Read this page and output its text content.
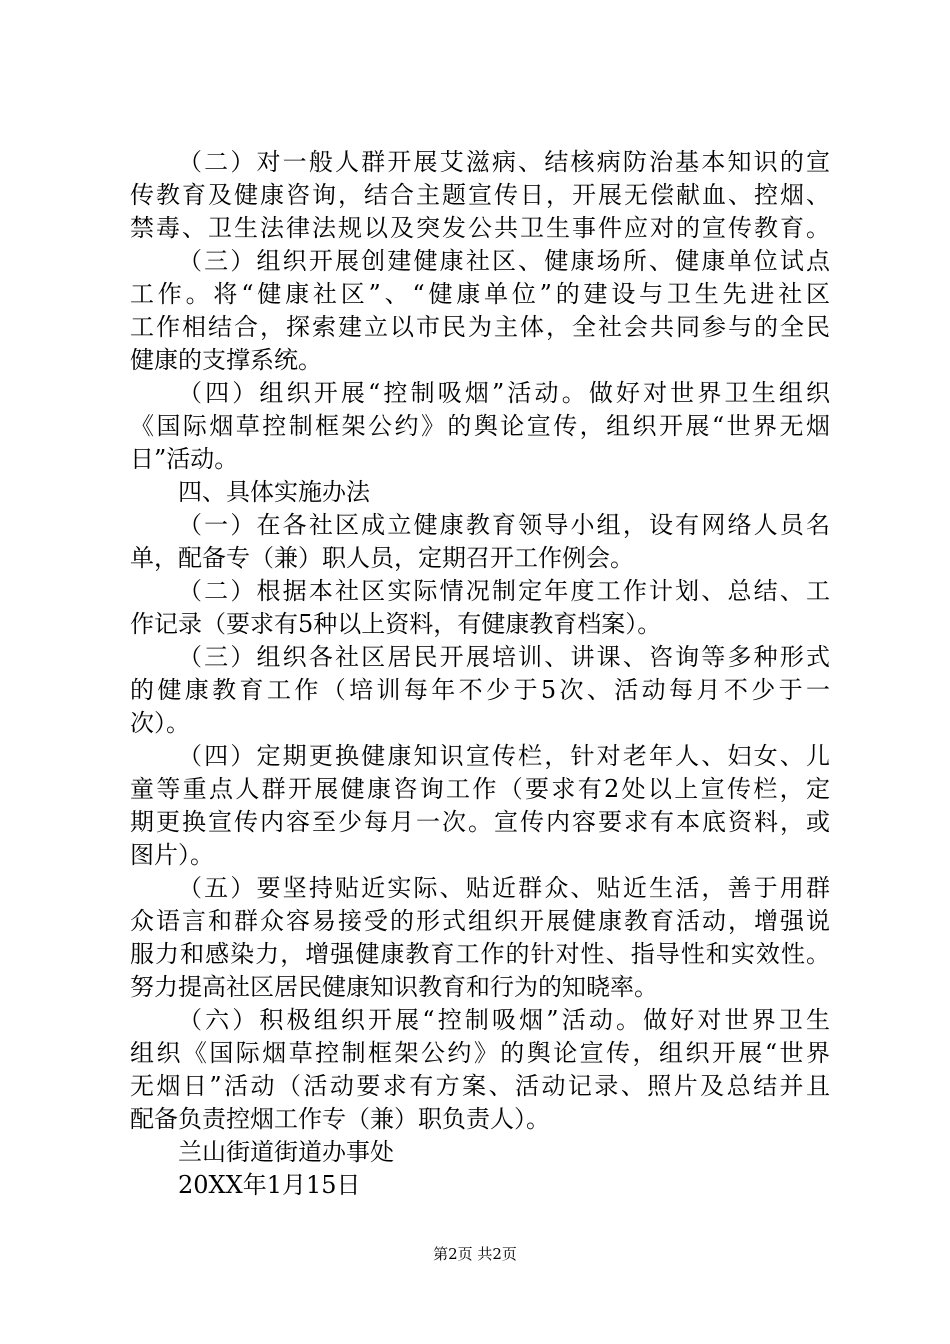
（二）对一般人群开展艾滋病、结核病防治基本知识的宣
传教育及健康咨询，结合主题宣传日，开展无偿献血、控烟、
禁毒、卫生法律法规以及突发公共卫生事件应对的宣传教育。
（三）组织开展创建健康社区、健康场所、健康单位试点
工作。将“健康社区”、“健康单位”的建设与卫生先进社区
工作相结合，探索建立以市民为主体，全社会共同参与的全民
健康的支撑系统。
（四）组织开展“控制吸烟”活动。做好对世界卫生组织
《国际烟草控制框架公约》的舆论宣传，组织开展“世界无烟
日”活动。
四、具体实施办法
（一）在各社区成立健康教育领导小组，设有网络人员名
单，配备专（兼）职人员，定期召开工作例会。
（二）根据本社区实际情况制定年度工作计划、总结、工
作记录（要求有5种以上资料，有健康教育档案）。
（三）组织各社区居民开展培训、讲课、咨询等多种形式
的健康教育工作（培训每年不少于5次、活动每月不少于一
次）。
（四）定期更换健康知识宣传栏，针对老年人、妇女、儿
童等重点人群开展健康咨询工作（要求有2处以上宣传栏，定
期更换宣传内容至少每月一次。宣传内容要求有本底资料，或
图片）。
（五）要坚持贴近实际、贴近群众、贴近生活，善于用群
众语言和群众容易接受的形式组织开展健康教育活动，增强说
服力和感染力，增强健康教育工作的针对性、指导性和实效性。
努力提高社区居民健康知识教育和行为的知晓率。
（六）积极组织开展“控制吸烟”活动。做好对世界卫生
组织《国际烟草控制框架公约》的舆论宣传，组织开展“世界
无烟日”活动（活动要求有方案、活动记录、照片及总结并且
配备负责控烟工作专（兼）职负责人）。
兰山街道街道办事处
20XX年1月15日
第2页 共2页
